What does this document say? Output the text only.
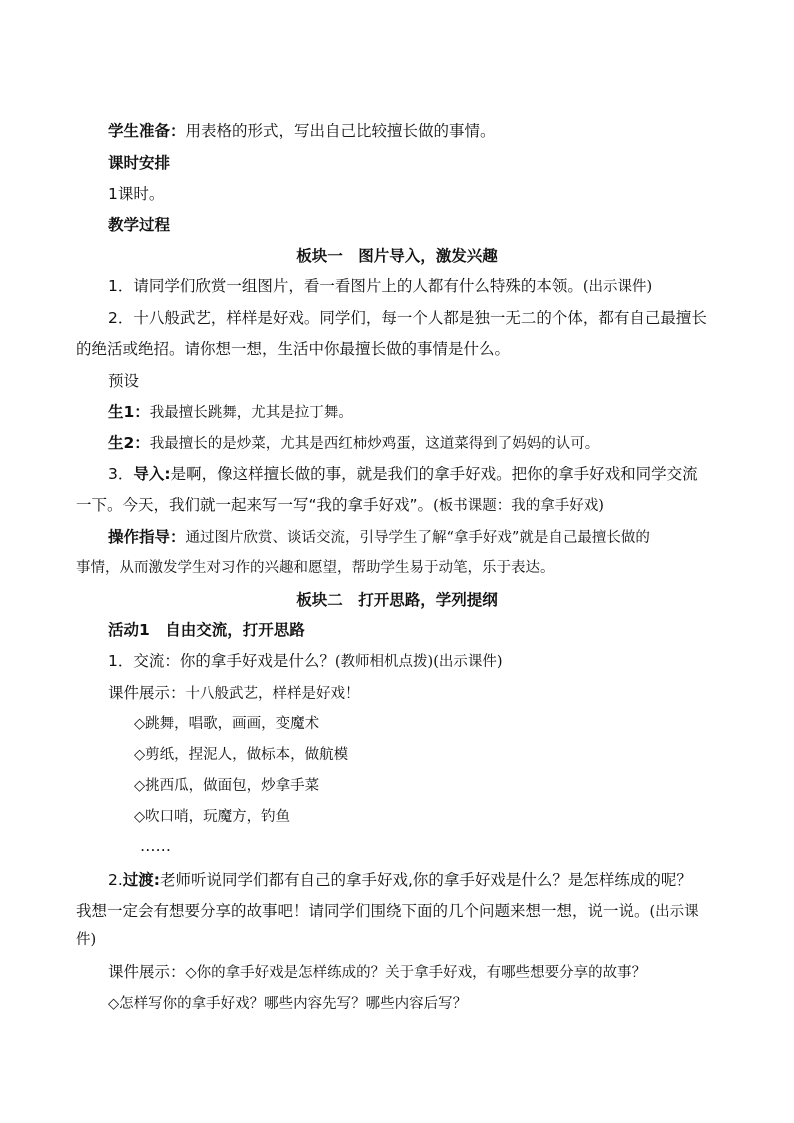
学生准备：用表格的形式，写出自己比较擅长做的事情。
课时安排
1课时。
教学过程
板块一　图片导入，激发兴趣
1．请同学们欣赏一组图片，看一看图片上的人都有什么特殊的本领。(出示课件)
2．十八般武艺，样样是好戏。同学们，每一个人都是独一无二的个体，都有自己最擅长
的绝活或绝招。请你想一想，生活中你最擅长做的事情是什么。
预设
生1：我最擅长跳舞，尤其是拉丁舞。
生2：我最擅长的是炒菜，尤其是西红柿炒鸡蛋，这道菜得到了妈妈的认可。
3．导入:是啊，像这样擅长做的事，就是我们的拿手好戏。把你的拿手好戏和同学交流
一下。今天，我们就一起来写一写“我的拿手好戏”。(板书课题：我的拿手好戏)
操作指导：通过图片欣赏、谈话交流，引导学生了解“拿手好戏”就是自己最擅长做的
事情，从而激发学生对习作的兴趣和愿望，帮助学生易于动笔，乐于表达。
板块二　打开思路，学列提纲
活动1　自由交流，打开思路
1．交流：你的拿手好戏是什么？(教师相机点拨)(出示课件)
课件展示：十八般武艺，样样是好戏！
◇跳舞，唱歌，画画，变魔术
◇剪纸，捏泥人，做标本，做航模
◇挑西瓜，做面包，炒拿手菜
◇吹口哨，玩魔方，钓鱼
……
2.过渡:老师听说同学们都有自己的拿手好戏,你的拿手好戏是什么？是怎样练成的呢？
我想一定会有想要分享的故事吧！请同学们围绕下面的几个问题来想一想，说一说。(出示课
件)
课件展示：◇你的拿手好戏是怎样练成的？关于拿手好戏，有哪些想要分享的故事？
◇怎样写你的拿手好戏？哪些内容先写？哪些内容后写？
